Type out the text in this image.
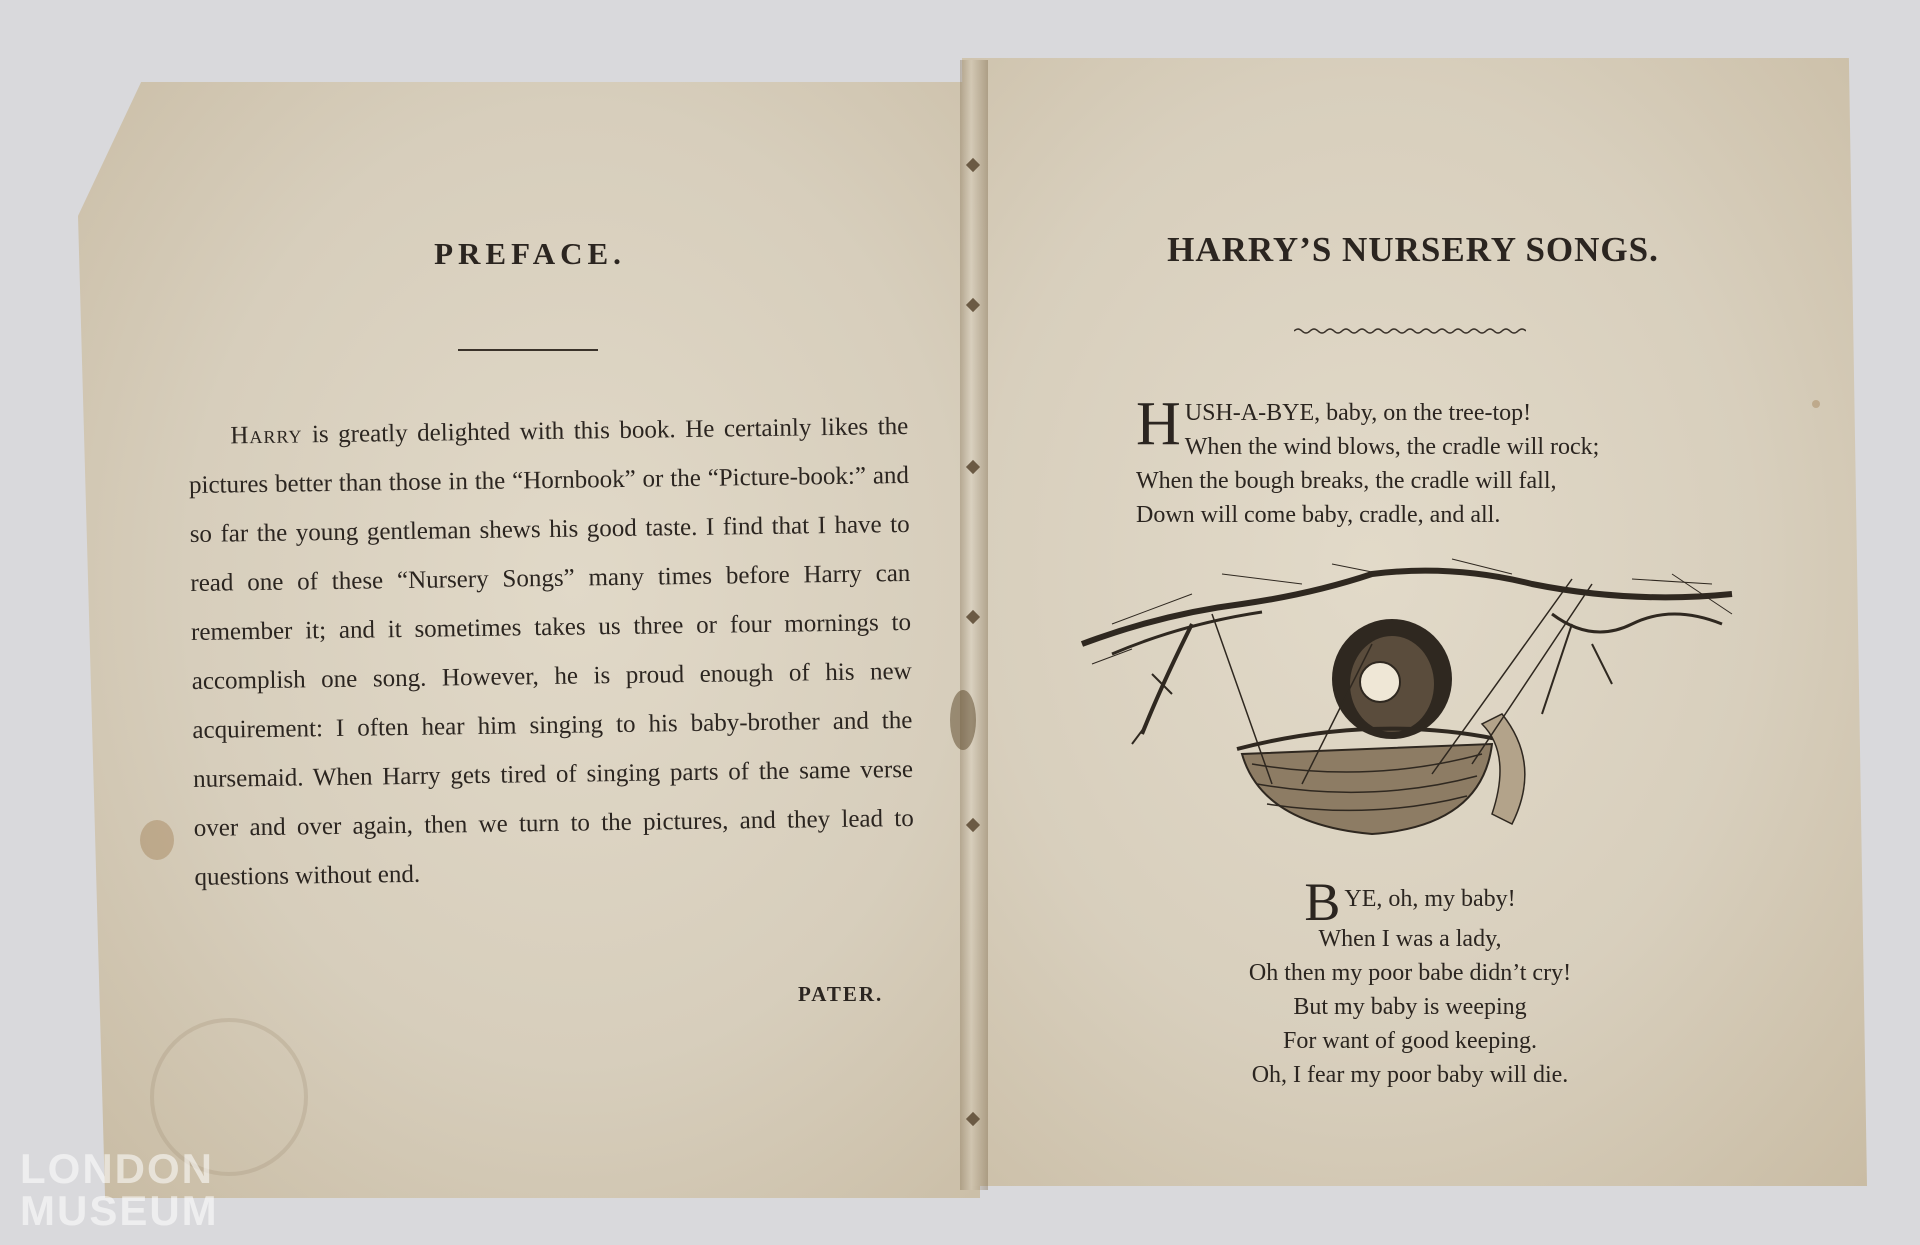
PREFACE.

Harry is greatly delighted with this book. He certainly likes the pictures better than those in the “Hornbook” or the “Picture-book:” and so far the young gentleman shews his good taste. I find that I have to read one of these “Nursery Songs” many times before Harry can remember it; and it sometimes takes us three or four mornings to accomplish one song. However, he is proud enough of his new acquirement: I often hear him singing to his baby-brother and the nursemaid. When Harry gets tired of singing parts of the same verse over and over again, then we turn to the pictures, and they lead to questions without end.

PATER.
HARRY’S NURSERY SONGS.
H USH-A-BYE, baby, on the tree-top!
When the wind blows, the cradle will rock;
When the bough breaks, the cradle will fall,
Down will come baby, cradle, and all.
BYE, oh, my baby!
When I was a lady,
Oh then my poor babe didn’t cry!
But my baby is weeping
For want of good keeping.
Oh, I fear my poor baby will die.
LONDON
MUSEUM
